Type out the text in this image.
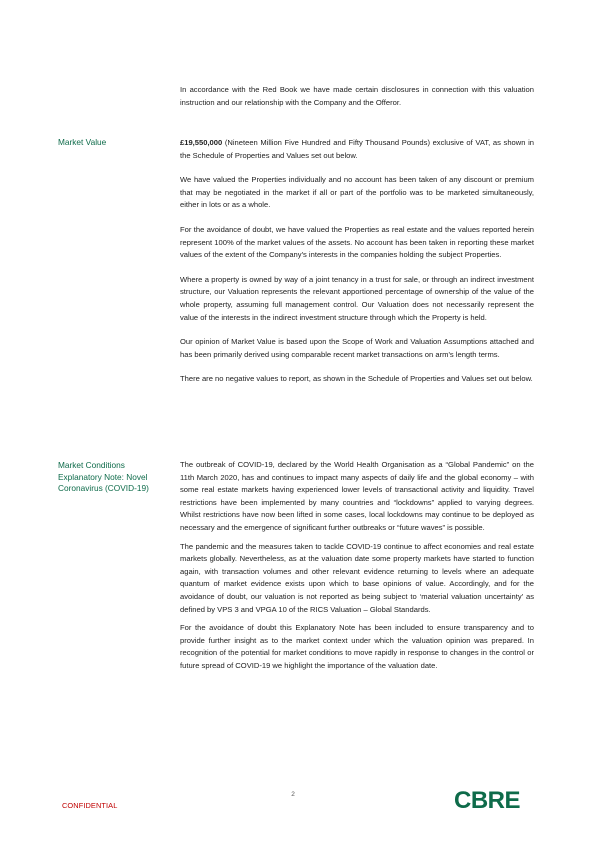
In accordance with the Red Book we have made certain disclosures in connection with this valuation instruction and our relationship with the Company and the Offeror.

Market Value	£19,550,000 (Nineteen Million Five Hundred and Fifty Thousand Pounds) exclusive of VAT, as shown in the Schedule of Properties and Values set out below.

We have valued the Properties individually and no account has been taken of any discount or premium that may be negotiated in the market if all or part of the portfolio was to be marketed simultaneously, either in lots or as a whole.

For the avoidance of doubt, we have valued the Properties as real estate and the values reported herein represent 100% of the market values of the assets. No account has been taken in reporting these market values of the extent of the Company's interests in the companies holding the subject Properties.

Where a property is owned by way of a joint tenancy in a trust for sale, or through an indirect investment structure, our Valuation represents the relevant apportioned percentage of ownership of the value of the whole property, assuming full management control. Our Valuation does not necessarily represent the value of the interests in the indirect investment structure through which the Property is held.

Our opinion of Market Value is based upon the Scope of Work and Valuation Assumptions attached and has been primarily derived using comparable recent market transactions on arm's length terms.

There are no negative values to report, as shown in the Schedule of Properties and Values set out below.

Market Conditions
Explanatory Note: Novel
Coronavirus (COVID-19)

The outbreak of COVID-19, declared by the World Health Organisation as a “Global Pandemic” on the 11th March 2020, has and continues to impact many aspects of daily life and the global economy – with some real estate markets having experienced lower levels of transactional activity and liquidity. Travel restrictions have been implemented by many countries and “lockdowns” applied to varying degrees. Whilst restrictions have now been lifted in some cases, local lockdowns may continue to be deployed as necessary and the emergence of significant further outbreaks or “future waves” is possible.

The pandemic and the measures taken to tackle COVID-19 continue to affect economies and real estate markets globally. Nevertheless, as at the valuation date some property markets have started to function again, with transaction volumes and other relevant evidence returning to levels where an adequate quantum of market evidence exists upon which to base opinions of value. Accordingly, and for the avoidance of doubt, our valuation is not reported as being subject to ‘material valuation uncertainty’ as defined by VPS 3 and VPGA 10 of the RICS Valuation – Global Standards.

For the avoidance of doubt this Explanatory Note has been included to ensure transparency and to provide further insight as to the market context under which the valuation opinion was prepared. In recognition of the potential for market conditions to move rapidly in response to changes in the control or future spread of COVID-19 we highlight the importance of the valuation date.

2
CONFIDENTIAL	CBRE
